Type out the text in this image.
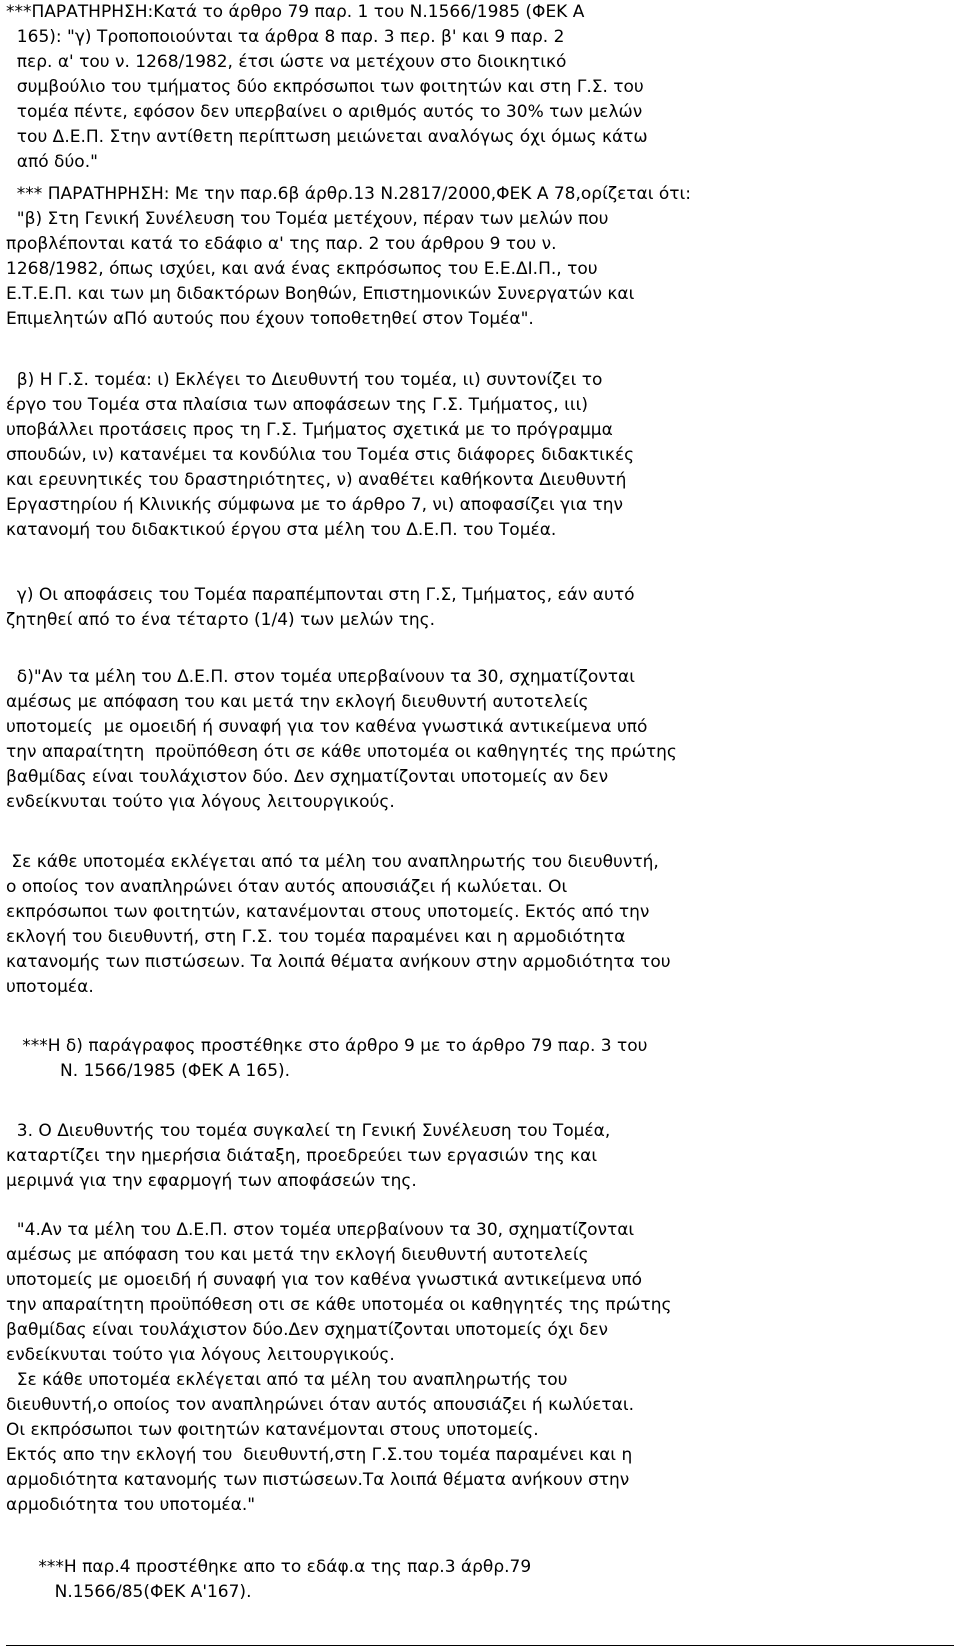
***ΠΑΡΑΤΗΡΗΣΗ:Κατά το άρθρο 79 παρ. 1 του Ν.1566/1985 (ΦΕΚ Α
165): "γ) Τροποποιούνται τα άρθρα 8 παρ. 3 περ. β' και 9 παρ. 2
περ. α' του ν. 1268/1982, έτσι ώστε να μετέχουν στο διοικητικό
συμβούλιο του τμήματος δύο εκπρόσωποι των φοιτητών και στη Γ.Σ. του
τομέα πέντε, εφόσον δεν υπερβαίνει ο αριθμός αυτός το 30% των μελών
του Δ.Ε.Π. Στην αντίθετη περίπτωση μειώνεται αναλόγως όχι όμως κάτω
από δύο."
*** ΠΑΡΑΤΗΡΗΣΗ: Με την παρ.6β άρθρ.13 Ν.2817/2000,ΦΕΚ Α 78,ορίζεται ότι:
"β) Στη Γενική Συνέλευση του Τομέα μετέχουν, πέραν των μελών που
προβλέπονται κατά το εδάφιο α' της παρ. 2 του άρθρου 9 του ν.
1268/1982, όπως ισχύει, και ανά ένας εκπρόσωπος του Ε.Ε.ΔΙ.Π., του
Ε.Τ.Ε.Π. και των μη διδακτόρων Βοηθών, Επιστημονικών Συνεργατών και
Επιμελητών αΠό αυτούς που έχουν τοποθετηθεί στον Τομέα".
β) Η Γ.Σ. τομέα: ι) Εκλέγει το Διευθυντή του τομέα, ιι) συντονίζει το
έργο του Τομέα στα πλαίσια των αποφάσεων της Γ.Σ. Τμήματος, ιιι)
υποβάλλει προτάσεις προς τη Γ.Σ. Τμήματος σχετικά με το πρόγραμμα
σπουδών, ιν) κατανέμει τα κονδύλια του Τομέα στις διάφορες διδακτικές
και ερευνητικές του δραστηριότητες, ν) αναθέτει καθήκοντα Διευθυντή
Εργαστηρίου ή Κλινικής σύμφωνα με το άρθρο 7, νι) αποφασίζει για την
κατανομή του διδακτικού έργου στα μέλη του Δ.Ε.Π. του Τομέα.
γ) Οι αποφάσεις του Τομέα παραπέμπονται στη Γ.Σ, Τμήματος, εάν αυτό
ζητηθεί από το ένα τέταρτο (1/4) των μελών της.
δ)"Αν τα μέλη του Δ.Ε.Π. στον τομέα υπερβαίνουν τα 30, σχηματίζονται
αμέσως με απόφαση του και μετά την εκλογή διευθυντή αυτοτελείς
υποτομείς  με ομοειδή ή συναφή για τον καθένα γνωστικά αντικείμενα υπό
την απαραίτητη  προϋπόθεση ότι σε κάθε υποτομέα οι καθηγητές της πρώτης
βαθμίδας είναι τουλάχιστον δύο. Δεν σχηματίζονται υποτομείς αν δεν
ενδείκνυται τούτο για λόγους λειτουργικούς.
Σε κάθε υποτομέα εκλέγεται από τα μέλη του αναπληρωτής του διευθυντή,
ο οποίος τον αναπληρώνει όταν αυτός απουσιάζει ή κωλύεται. Οι
εκπρόσωποι των φοιτητών, κατανέμονται στους υποτομείς. Εκτός από την
εκλογή του διευθυντή, στη Γ.Σ. του τομέα παραμένει και η αρμοδιότητα
κατανομής των πιστώσεων. Τα λοιπά θέματα ανήκουν στην αρμοδιότητα του
υποτομέα.
***Η δ) παράγραφος προστέθηκε στο άρθρο 9 με το άρθρο 79 παρ. 3 του
Ν. 1566/1985 (ΦΕΚ Α 165).
3. Ο Διευθυντής του τομέα συγκαλεί τη Γενική Συνέλευση του Τομέα,
καταρτίζει την ημερήσια διάταξη, προεδρεύει των εργασιών της και
μεριμνά για την εφαρμογή των αποφάσεών της.
"4.Αν τα μέλη του Δ.Ε.Π. στον τομέα υπερβαίνουν τα 30, σχηματίζονται
αμέσως με απόφαση του και μετά την εκλογή διευθυντή αυτοτελείς
υποτομείς με ομοειδή ή συναφή για τον καθένα γνωστικά αντικείμενα υπό
την απαραίτητη προϋπόθεση οτι σε κάθε υποτομέα οι καθηγητές της πρώτης
βαθμίδας είναι τουλάχιστον δύο.Δεν σχηματίζονται υποτομείς όχι δεν
ενδείκνυται τούτο για λόγους λειτουργικούς.
Σε κάθε υποτομέα εκλέγεται από τα μέλη του αναπληρωτής του
διευθυντή,ο οποίος τον αναπληρώνει όταν αυτός απουσιάζει ή κωλύεται.
Οι εκπρόσωποι των φοιτητών κατανέμονται στους υποτομείς.
Εκτός απο την εκλογή του  διευθυντή,στη Γ.Σ.του τομέα παραμένει και η
αρμοδιότητα κατανομής των πιστώσεων.Τα λοιπά θέματα ανήκουν στην
αρμοδιότητα του υποτομέα."
***Η παρ.4 προστέθηκε απο το εδάφ.α της παρ.3 άρθρ.79
Ν.1566/85(ΦΕΚ Α'167).
